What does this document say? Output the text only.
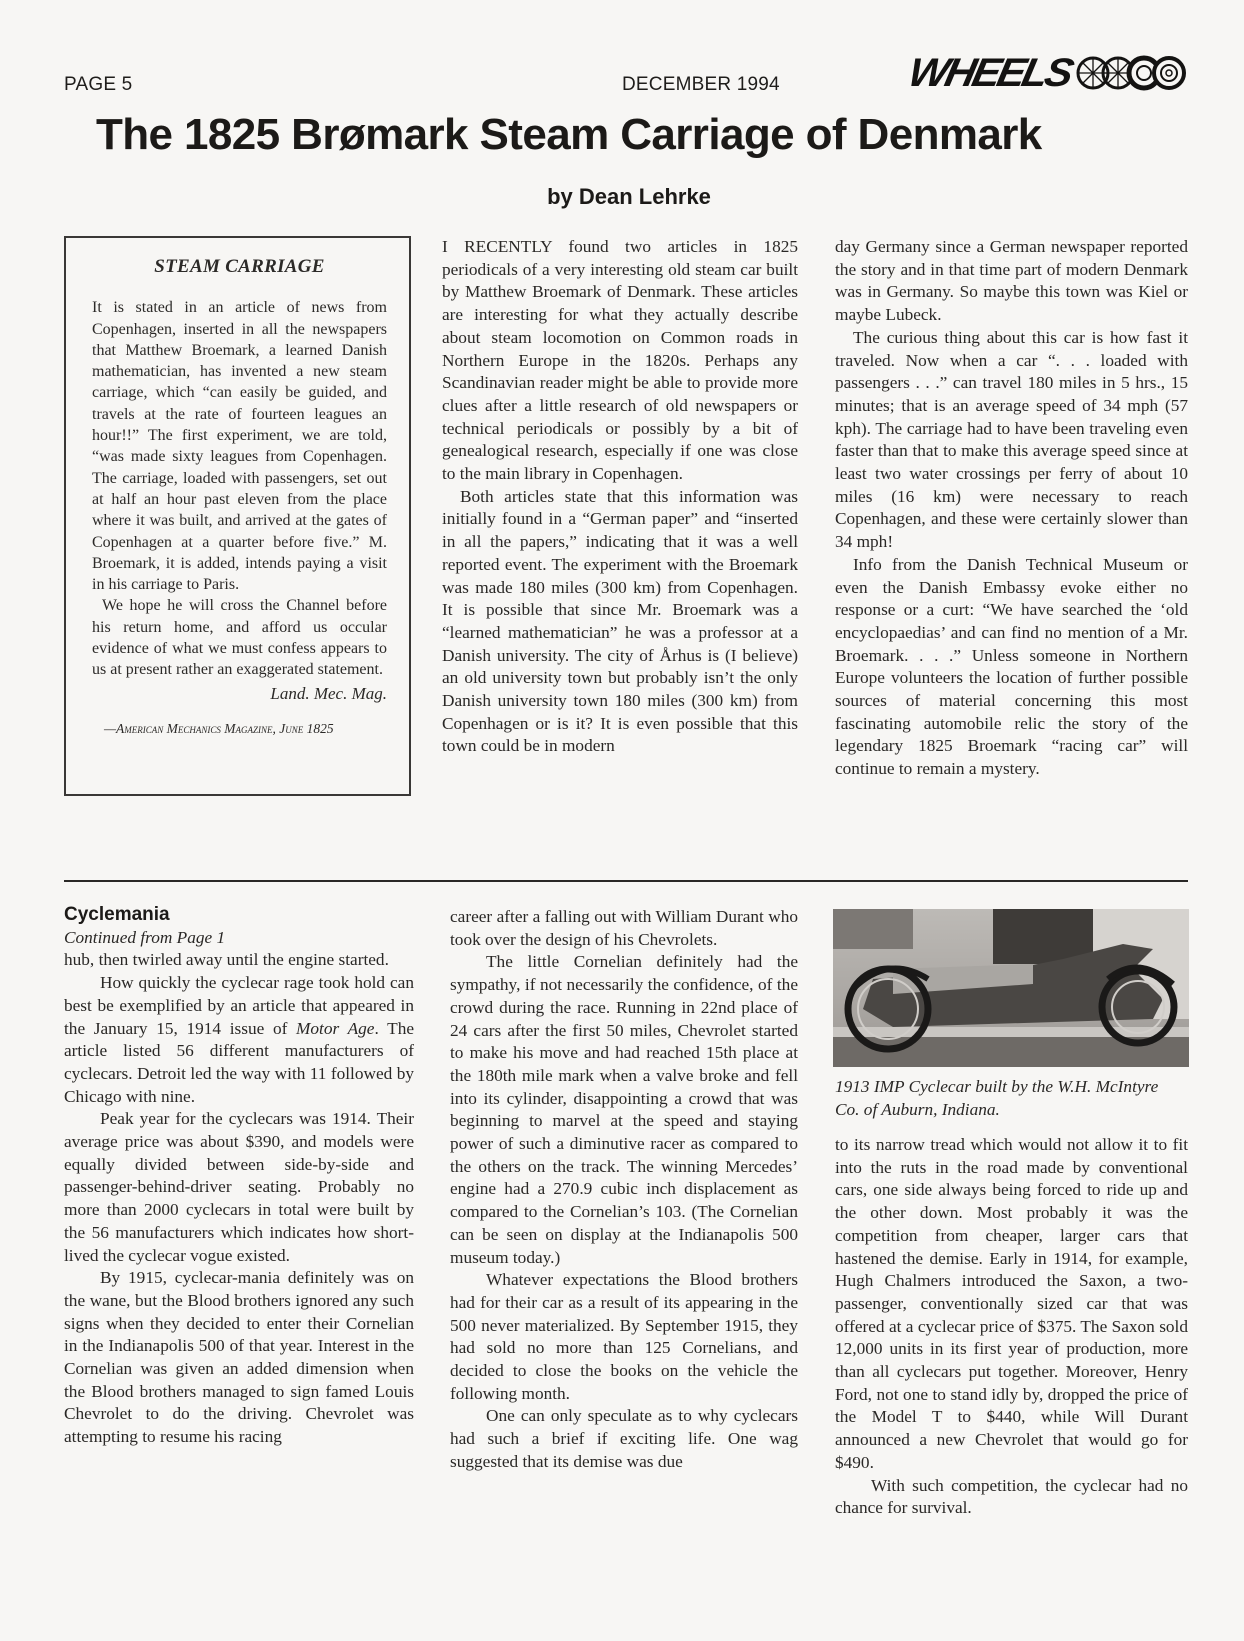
PAGE 5	DECEMBER 1994	WHEELS
The 1825 Brømark Steam Carriage of Denmark
by Dean Lehrke
STEAM CARRIAGE

It is stated in an article of news from Copenhagen, inserted in all the newspapers that Matthew Broemark, a learned Danish mathematician, has invented a new steam carriage, which “can easily be guided, and travels at the rate of fourteen leagues an hour!!” The first experiment, we are told, “was made sixty leagues from Copenhagen. The carriage, loaded with passengers, set out at half an hour past eleven from the place where it was built, and arrived at the gates of Copenhagen at a quarter before five.” M. Broemark, it is added, intends paying a visit in his carriage to Paris.

We hope he will cross the Channel before his return home, and afford us occular evidence of what we must confess appears to us at present rather an exaggerated statement.

Land. Mec. Mag.
—American Mechanics Magazine, June 1825

I RECENTLY found two articles in 1825 periodicals of a very interesting old steam car built by Matthew Broemark of Denmark. These articles are interesting for what they actually describe about steam locomotion on Common roads in Northern Europe in the 1820s. Perhaps any Scandinavian reader might be able to provide more clues after a little research of old newspapers or technical periodicals or possibly by a bit of genealogical research, especially if one was close to the main library in Copenhagen.

Both articles state that this information was initially found in a “German paper” and “inserted in all the papers,” indicating that it was a well reported event. The experiment with the Broemark was made 180 miles (300 km) from Copenhagen. It is possible that since Mr. Broemark was a “learned mathematician” he was a professor at a Danish university. The city of Århus is (I believe) an old university town but probably isn’t the only Danish university town 180 miles (300 km) from Copenhagen or is it? It is even possible that this town could be in modern

day Germany since a German newspaper reported the story and in that time part of modern Denmark was in Germany. So maybe this town was Kiel or maybe Lubeck.

The curious thing about this car is how fast it traveled. Now when a car “. . . loaded with passengers . . .” can travel 180 miles in 5 hrs., 15 minutes; that is an average speed of 34 mph (57 kph). The carriage had to have been traveling even faster than that to make this average speed since at least two water crossings per ferry of about 10 miles (16 km) were necessary to reach Copenhagen, and these were certainly slower than 34 mph!

Info from the Danish Technical Museum or even the Danish Embassy evoke either no response or a curt: “We have searched the ‘old encyclopaedias’ and can find no mention of a Mr. Broemark. . . .” Unless someone in Northern Europe volunteers the location of further possible sources of material concerning this most fascinating automobile relic the story of the legendary 1825 Broemark “racing car” will continue to remain a mystery.

Cyclemania

Continued from Page 1

hub, then twirled away until the engine started.

How quickly the cyclecar rage took hold can best be exemplified by an article that appeared in the January 15, 1914 issue of Motor Age. The article listed 56 different manufacturers of cyclecars. Detroit led the way with 11 followed by Chicago with nine.

Peak year for the cyclecars was 1914. Their average price was about $390, and models were equally divided between side-by-side and passenger-behind-driver seating. Probably no more than 2000 cyclecars in total were built by the 56 manufacturers which indicates how short-lived the cyclecar vogue existed.

By 1915, cyclecar-mania definitely was on the wane, but the Blood brothers ignored any such signs when they decided to enter their Cornelian in the Indianapolis 500 of that year. Interest in the Cornelian was given an added dimension when the Blood brothers managed to sign famed Louis Chevrolet to do the driving. Chevrolet was attempting to resume his racing

career after a falling out with William Durant who took over the design of his Chevrolets.

The little Cornelian definitely had the sympathy, if not necessarily the confidence, of the crowd during the race. Running in 22nd place of 24 cars after the first 50 miles, Chevrolet started to make his move and had reached 15th place at the 180th mile mark when a valve broke and fell into its cylinder, disappointing a crowd that was beginning to marvel at the speed and staying power of such a diminutive racer as compared to the others on the track. The winning Mercedes’ engine had a 270.9 cubic inch displacement as compared to the Cornelian’s 103. (The Cornelian can be seen on display at the Indianapolis 500 museum today.)

Whatever expectations the Blood brothers had for their car as a result of its appearing in the 500 never materialized. By September 1915, they had sold no more than 125 Cornelians, and decided to close the books on the vehicle the following month.

One can only speculate as to why cyclecars had such a brief if exciting life. One wag suggested that its demise was due

1913 IMP Cyclecar built by the W.H. McIntyre Co. of Auburn, Indiana.

to its narrow tread which would not allow it to fit into the ruts in the road made by conventional cars, one side always being forced to ride up and the other down. Most probably it was the competition from cheaper, larger cars that hastened the demise. Early in 1914, for example, Hugh Chalmers introduced the Saxon, a two-passenger, conventionally sized car that was offered at a cyclecar price of $375. The Saxon sold 12,000 units in its first year of production, more than all cyclecars put together. Moreover, Henry Ford, not one to stand idly by, dropped the price of the Model T to $440, while Will Durant announced a new Chevrolet that would go for $490.

With such competition, the cyclecar had no chance for survival.
